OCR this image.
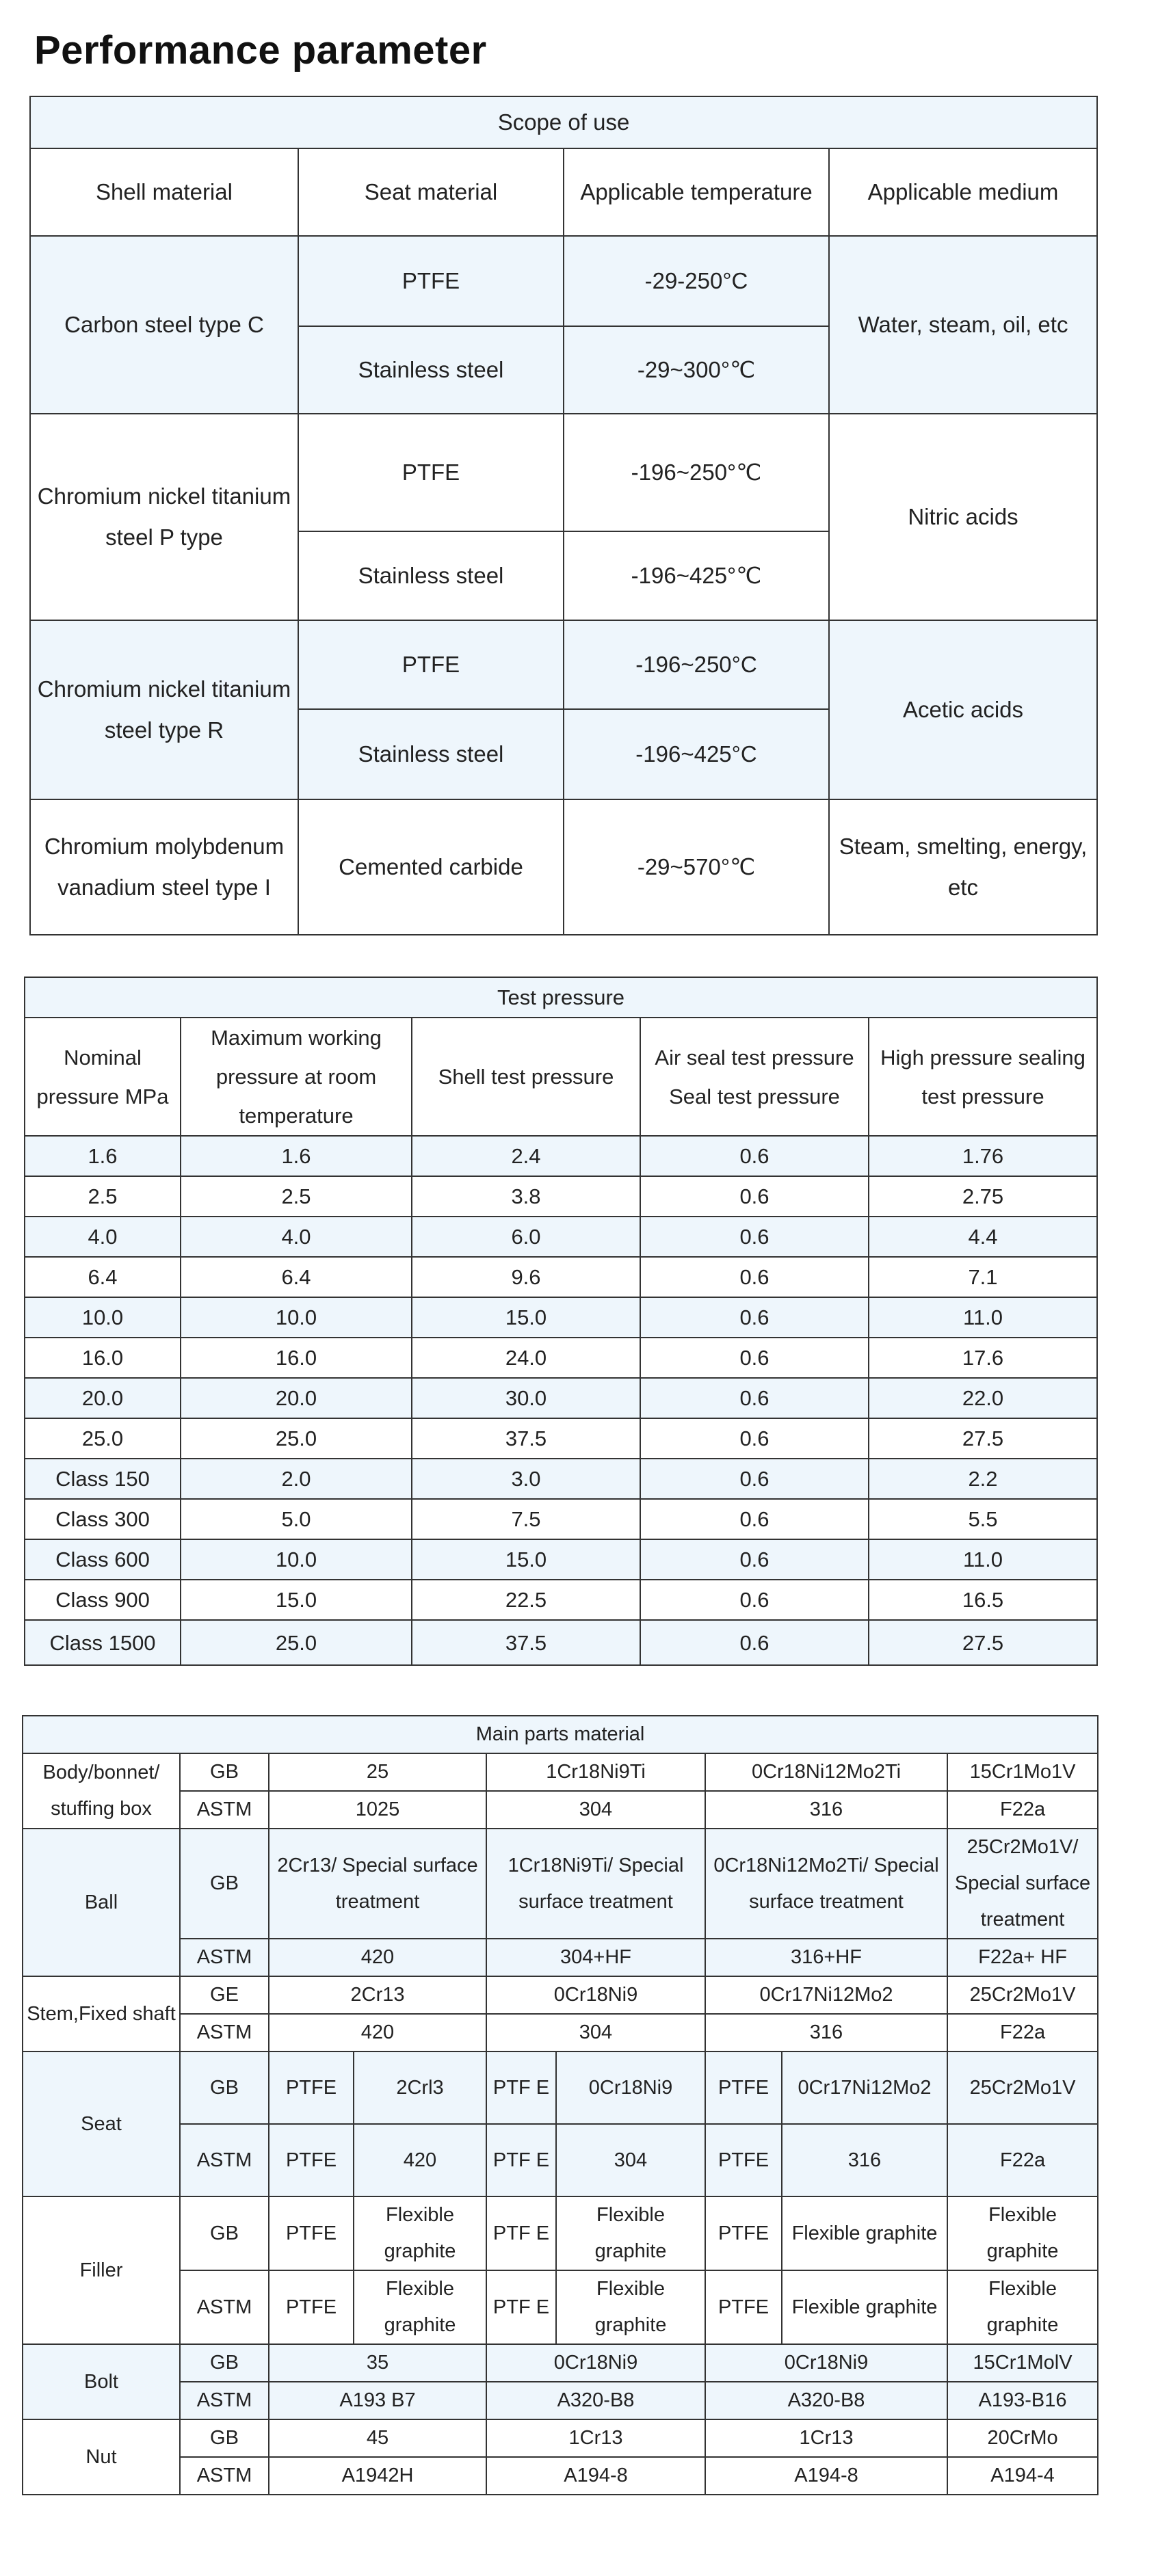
Performance parameter
Scope of use			
Shell material	Seat material	Applicable temperature	Applicable medium
Carbon steel type C	PTFE	-29-250°C	Water, steam, oil, etc
	Stainless steel	-29~300°℃	
Chromium nickel titanium steel P type	PTFE	-196~250°℃	Nitric acids
	Stainless steel	-196~425°℃	
Chromium nickel titanium steel type R	PTFE	-196~250°C	Acetic acids
	Stainless steel	-196~425°C	
Chromium molybdenum vanadium steel type I	Cemented carbide	-29~570°℃	Steam, smelting, energy, etc
Test pressure				
Nominal pressure MPa	Maximum working pressure at room temperature	Shell test pressure	Air seal test pressure Seal test pressure	High pressure sealing test pressure
1.6	1.6	2.4	0.6	1.76
2.5	2.5	3.8	0.6	2.75
4.0	4.0	6.0	0.6	4.4
6.4	6.4	9.6	0.6	7.1
10.0	10.0	15.0	0.6	11.0
16.0	16.0	24.0	0.6	17.6
20.0	20.0	30.0	0.6	22.0
25.0	25.0	37.5	0.6	27.5
Class 150	2.0	3.0	0.6	2.2
Class 300	5.0	7.5	0.6	5.5
Class 600	10.0	15.0	0.6	11.0
Class 900	15.0	22.5	0.6	16.5
Class 1500	25.0	37.5	0.6	27.5
Main parts material								
Body/bonnet/ stuffing box	GB	25		1Cr18Ni9Ti		0Cr18Ni12Mo2Ti		15Cr1Mo1V
	ASTM	1025		304		316		F22a
Ball	GB	2Cr13/ Special surface treatment		1Cr18Ni9Ti/ Special surface treatment		0Cr18Ni12Mo2Ti/ Special surface treatment		25Cr2Mo1V/ Special surface treatment
	ASTM	420		304+HF		316+HF		F22a+ HF
Stem,Fixed shaft	GE	2Cr13		0Cr18Ni9		0Cr17Ni12Mo2		25Cr2Mo1V
	ASTM	420		304		316		F22a
Seat	GB	PTFE	2Crl3	PTF E	0Cr18Ni9	PTFE	0Cr17Ni12Mo2	25Cr2Mo1V
	ASTM	PTFE	420	PTF E	304	PTFE	316	F22a
Filler	GB	PTFE	Flexible graphite	PTF E	Flexible graphite	PTFE	Flexible graphite	Flexible graphite
	ASTM	PTFE	Flexible graphite	PTF E	Flexible graphite	PTFE	Flexible graphite	Flexible graphite
Bolt	GB	35		0Cr18Ni9		0Cr18Ni9		15Cr1MolV
	ASTM	A193 B7		A320-B8		A320-B8		A193-B16
Nut	GB	45		1Cr13		1Cr13		20CrMo
	ASTM	A1942H		A194-8		A194-8		A194-4
